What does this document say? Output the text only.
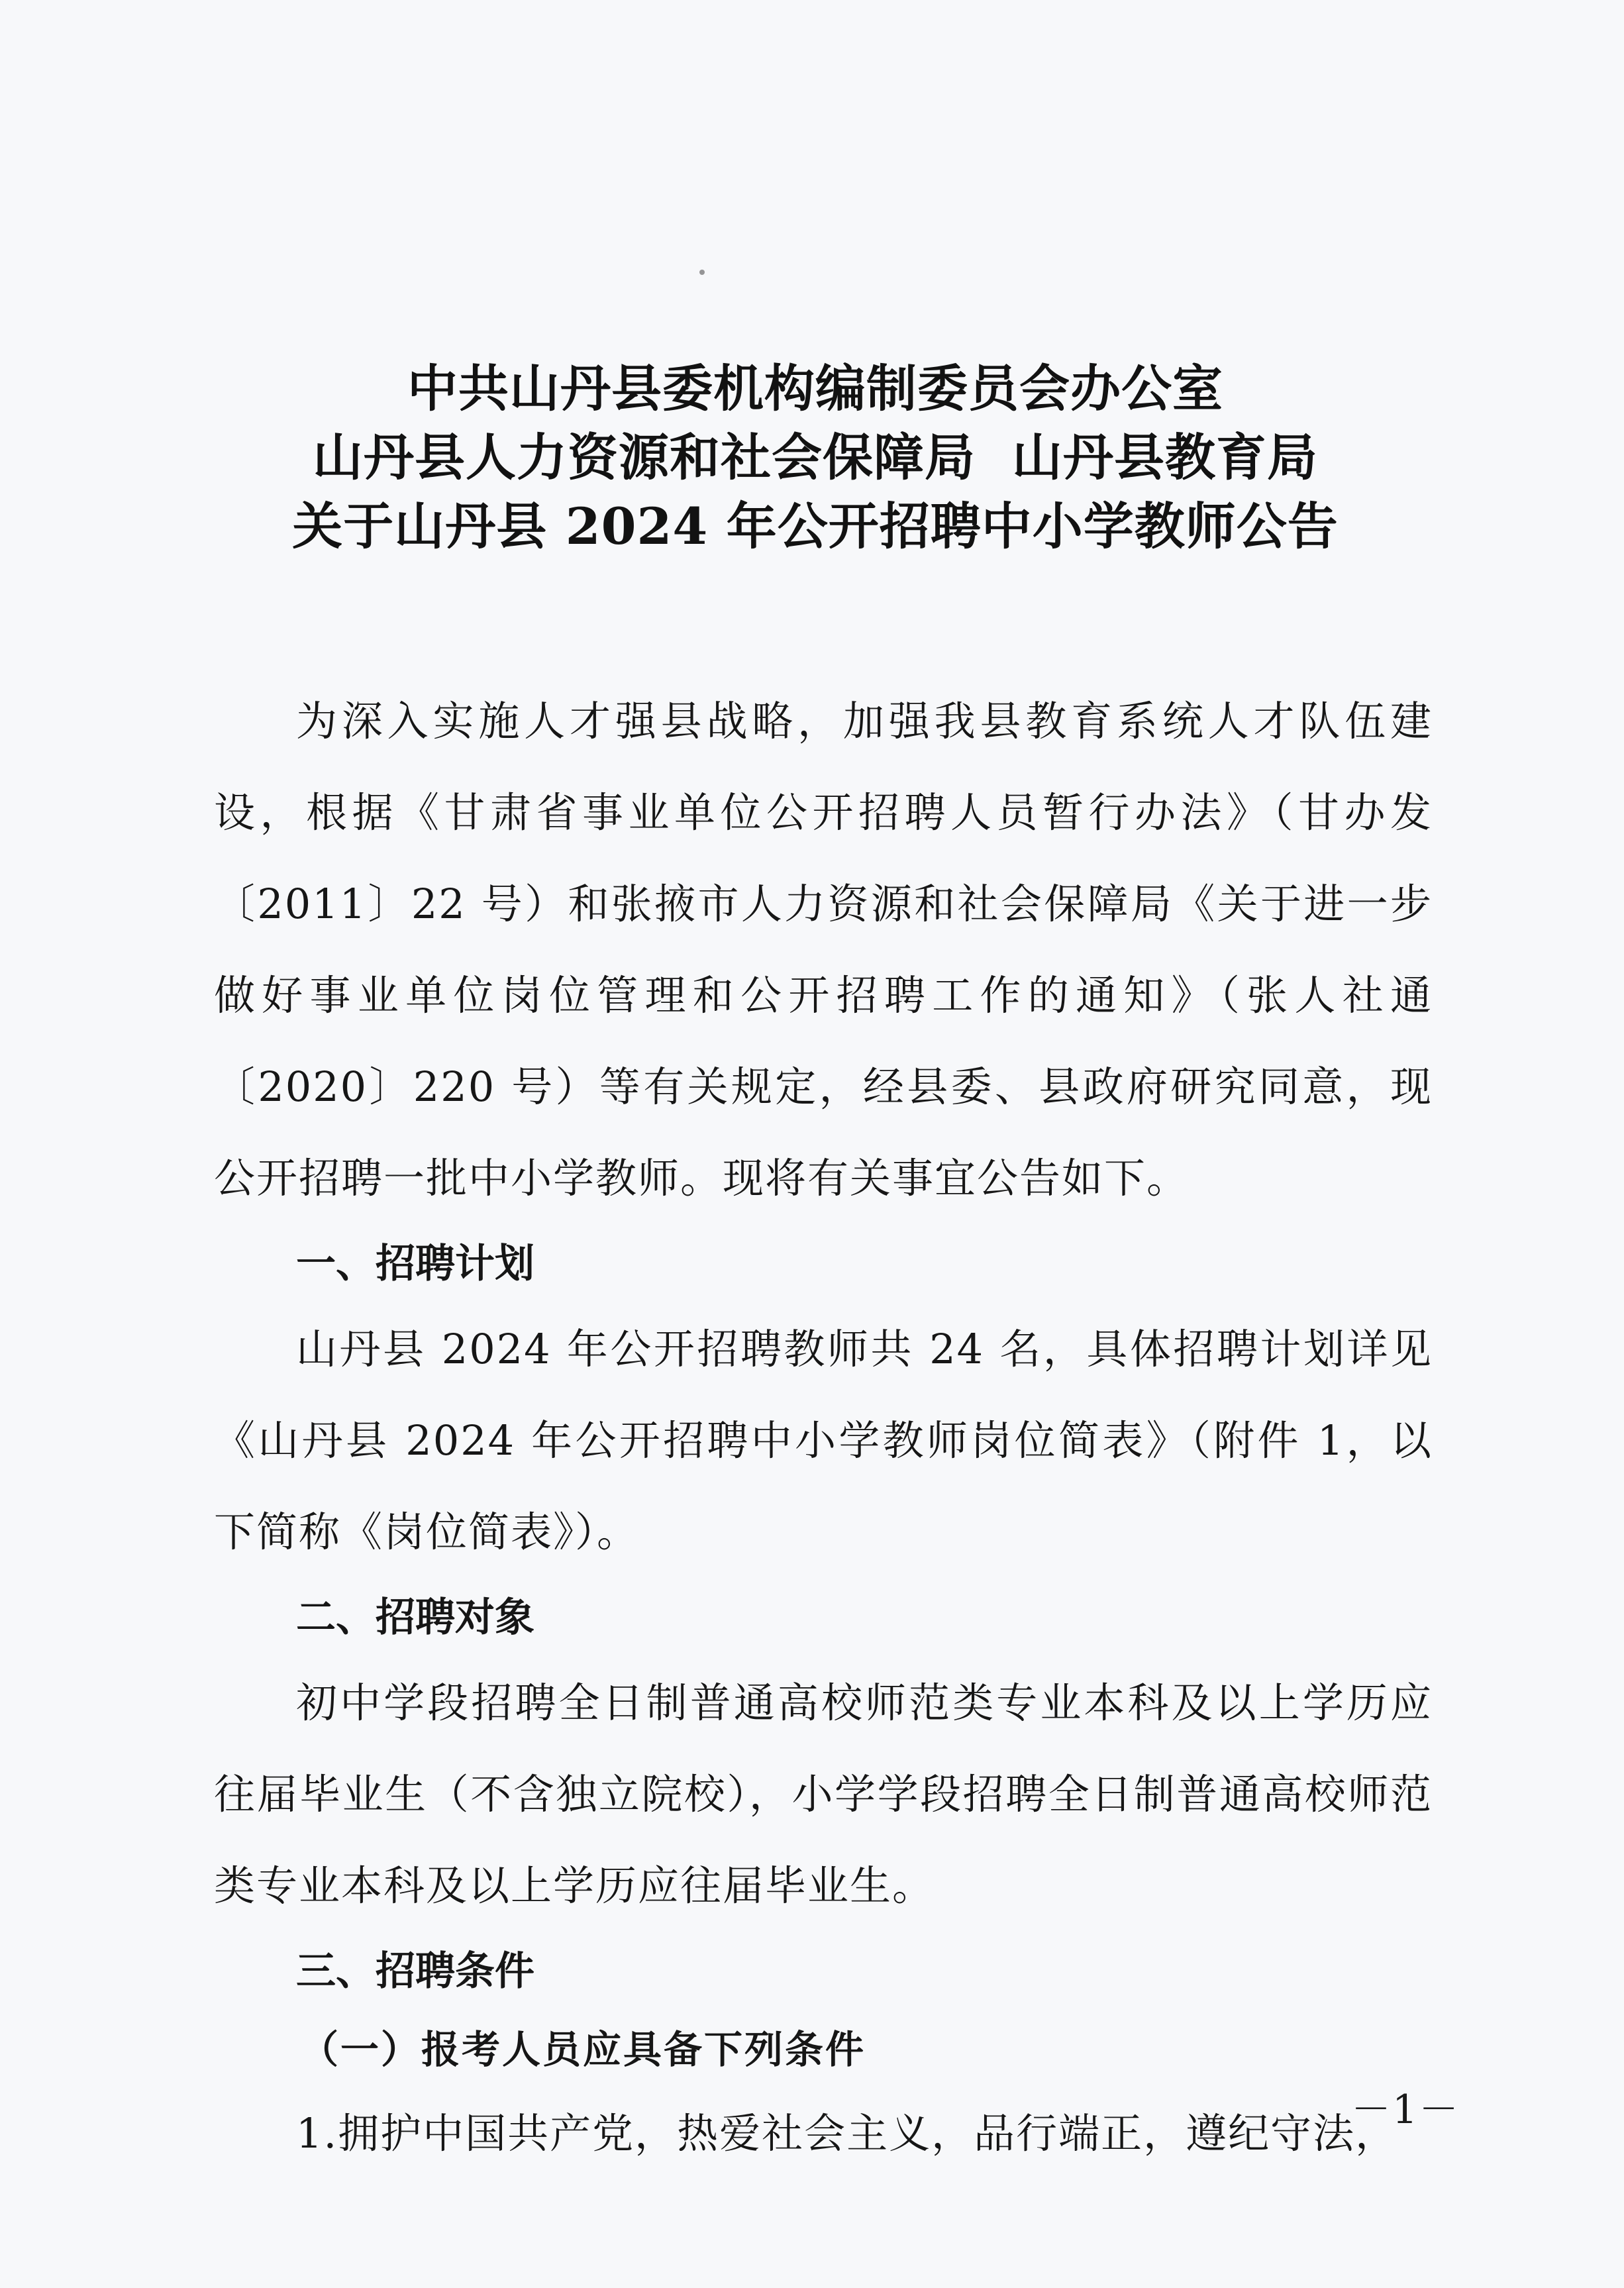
中共山丹县委机构编制委员会办公室
山丹县人力资源和社会保障局  山丹县教育局
关于山丹县 2024 年公开招聘中小学教师公告

为深入实施人才强县战略，加强我县教育系统人才队伍建设，根据《甘肃省事业单位公开招聘人员暂行办法》（甘办发〔2011〕22 号）和张掖市人力资源和社会保障局《关于进一步做好事业单位岗位管理和公开招聘工作的通知》（张人社通〔2020〕220 号）等有关规定，经县委、县政府研究同意，现公开招聘一批中小学教师。现将有关事宜公告如下。

一、招聘计划

山丹县 2024 年公开招聘教师共 24 名，具体招聘计划详见《山丹县 2024 年公开招聘中小学教师岗位简表》（附件 1，以下简称《岗位简表》）。

二、招聘对象

初中学段招聘全日制普通高校师范类专业本科及以上学历应往届毕业生（不含独立院校），小学学段招聘全日制普通高校师范类专业本科及以上学历应往届毕业生。

三、招聘条件

（一）报考人员应具备下列条件

1.拥护中国共产党，热爱社会主义，品行端正，遵纪守法，

－1－
